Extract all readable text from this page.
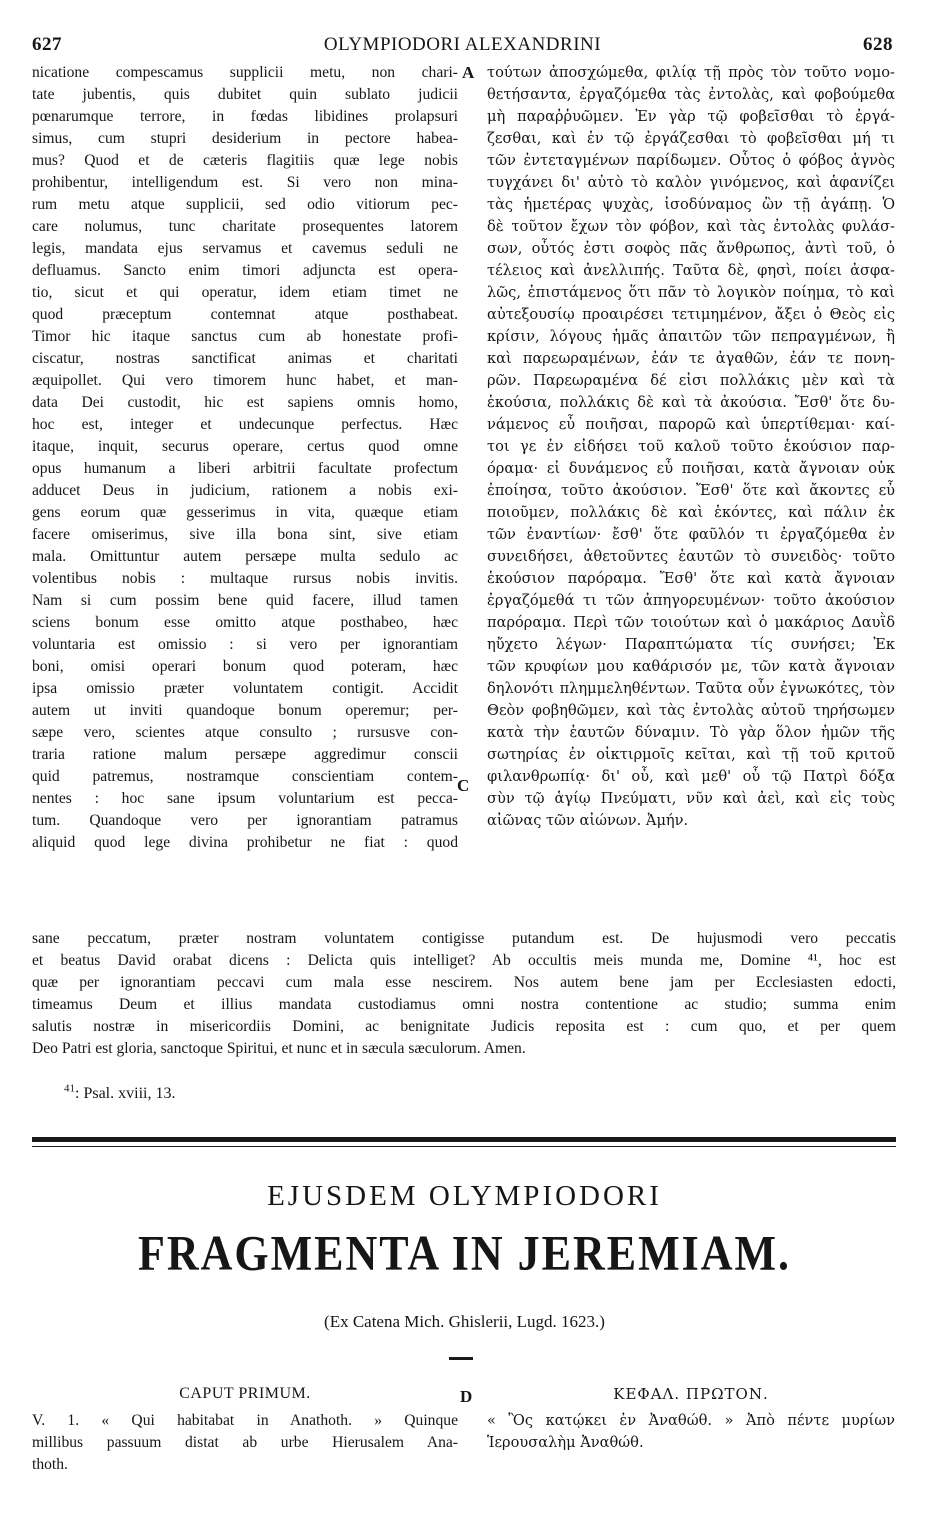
627	OLYMPIODORI ALEXANDRINI	628
nicatione compescamus supplicii metu, non chari-
tate jubentis, quis dubitet quin sublato judicii
pœnarumque terrore, in fœdas libidines prolapsuri
simus, cum stupri desiderium in pectore habea-
mus? Quod et de cæteris flagitiis quæ lege nobis
prohibentur, intelligendum est. Si vero non mina-
rum metu atque supplicii, sed odio vitiorum pec-
care nolumus, tunc charitate prosequentes latorem
legis, mandata ejus servamus et cavemus seduli ne
defluamus. Sancto enim timori adjuncta est opera-
tio, sicut et qui operatur, idem etiam timet ne
quod præceptum contemnat atque posthabeat.
Timor hic itaque sanctus cum ab honestate profi-
ciscatur, nostras sanctificat animas et charitati
æquipollet. Qui vero timorem hunc habet, et man-
data Dei custodit, hic est sapiens omnis homo,
hoc est, integer et undecunque perfectus. Hæc
itaque, inquit, securus operare, certus quod omne
opus humanum a liberi arbitrii facultate profectum
adducet Deus in judicium, rationem a nobis exi-
gens eorum quæ gesserimus in vita, quæque etiam
facere omiserimus, sive illa bona sint, sive etiam
mala. Omittuntur autem persæpe multa sedulo ac
volentibus nobis : multaque rursus nobis invitis.
Nam si cum possim bene quid facere, illud tamen
sciens bonum esse omitto atque posthabeo, hæc
voluntaria est omissio : si vero per ignorantiam
boni, omisi operari bonum quod poteram, hæc
ipsa omissio præter voluntatem contigit. Accidit
autem ut inviti quandoque bonum operemur; per-
sæpe vero, scientes atque consulto ; rursusve con-
traria ratione malum persæpe aggredimur conscii
quid patremus, nostramque conscientiam contem-
nentes : hoc sane ipsum voluntarium est pecca-
tum. Quandoque vero per ignorantiam patramus
aliquid quod lege divina prohibetur ne fiat : quod
τούτων ἀποσχώμεθα, φιλίᾳ τῇ πρὸς τὸν τοῦτο νομο-
θετήσαντα, ἐργαζόμεθα τὰς ἐντολὰς, καὶ φοβούμεθα
μὴ παραῤῥυῶμεν. Ἐν γὰρ τῷ φοβεῖσθαι τὸ ἐργά-
ζεσθαι, καὶ ἐν τῷ ἐργάζεσθαι τὸ φοβεῖσθαι μή τι
τῶν ἐντεταγμένων παρίδωμεν. Οὗτος ὁ φόβος ἁγνὸς
τυγχάνει δι' αὐτὸ τὸ καλὸν γινόμενος, καὶ ἁφανίζει
τὰς ἡμετέρας ψυχὰς, ἰσοδύναμος ὢν τῇ ἀγάπῃ. Ὁ
δὲ τοῦτον ἔχων τὸν φόβον, καὶ τὰς ἐντολὰς φυλάσ-
σων, οὗτός ἐστι σοφὸς πᾶς ἄνθρωπος, ἀντὶ τοῦ, ὁ
τέλειος καὶ ἀνελλιπής. Ταῦτα δὲ, φησὶ, ποίει ἀσφα-
λῶς, ἐπιστάμενος ὅτι πᾶν τὸ λογικὸν ποίημα, τὸ καὶ
αὐτεξουσίῳ προαιρέσει τετιμημένον, ἄξει ὁ Θεὸς εἰς
κρίσιν, λόγους ἡμᾶς ἀπαιτῶν τῶν πεπραγμένων, ἢ
καὶ παρεωραμένων, ἐάν τε ἀγαθῶν, ἐάν τε πονη-
ρῶν. Παρεωραμένα δέ εἰσι πολλάκις μὲν καὶ τὰ
ἑκούσια, πολλάκις δὲ καὶ τὰ ἀκούσια. Ἔσθ' ὅτε δυ-
νάμενος εὖ ποιῆσαι, παρορῶ καὶ ὑπερτίθεμαι· καί-
τοι γε ἐν εἰδήσει τοῦ καλοῦ τοῦτο ἑκούσιον παρ-
όραμα· εἰ δυνάμενος εὖ ποιῆσαι, κατὰ ἄγνοιαν οὐκ
ἐποίησα, τοῦτο ἀκούσιον. Ἔσθ' ὅτε καὶ ἄκοντες εὖ
ποιοῦμεν, πολλάκις δὲ καὶ ἑκόντες, καὶ πάλιν ἐκ
τῶν ἐναντίων· ἔσθ' ὅτε φαῦλόν τι ἐργαζόμεθα ἐν
συνειδήσει, ἀθετοῦντες ἑαυτῶν τὸ συνειδὸς· τοῦτο
ἑκούσιον παρόραμα. Ἔσθ' ὅτε καὶ κατὰ ἄγνοιαν
ἐργαζόμεθά τι τῶν ἀπηγορευμένων· τοῦτο ἀκούσιον
παρόραμα. Περὶ τῶν τοιούτων καὶ ὁ μακάριος Δαυῒδ
ηὔχετο λέγων· Παραπτώματα τίς συνήσει; Ἐκ
τῶν κρυφίων μου καθάρισόν με, τῶν κατὰ ἄγνοιαν
δηλονότι πλημμεληθέντων. Ταῦτα οὖν ἐγνωκότες, τὸν
Θεὸν φοβηθῶμεν, καὶ τὰς ἐντολὰς αὐτοῦ τηρήσωμεν
κατὰ τὴν ἑαυτῶν δύναμιν. Τὸ γὰρ ὅλον ἡμῶν τῆς
σωτηρίας ἐν οἰκτιρμοῖς κεῖται, καὶ τῇ τοῦ κριτοῦ
φιλανθρωπίᾳ· δι' οὗ, καὶ μεθ' οὗ τῷ Πατρὶ δόξα
σὺν τῷ ἁγίῳ Πνεύματι, νῦν καὶ ἀεὶ, καὶ εἰς τοὺς
αἰῶνας τῶν αἰώνων. Ἀμήν.
A
C
sane peccatum, præter nostram voluntatem contigisse putandum est. De hujusmodi vero peccatis
et beatus David orabat dicens : Delicta quis intelliget? Ab occultis meis munda me, Domine ⁴¹, hoc est
quæ per ignorantiam peccavi cum mala esse nescirem. Nos autem bene jam per Ecclesiasten edocti,
timeamus Deum et illius mandata custodiamus omni nostra contentione ac studio; summa enim
salutis nostræ in misericordiis Domini, ac benignitate Judicis reposita est : cum quo, et per quem
Deo Patri est gloria, sanctoque Spiritui, et nunc et in sæcula sæculorum. Amen.
$^{41}$: Psal. xviii, 13.
EJUSDEM OLYMPIODORI
FRAGMENTA IN JEREMIAM.
(Ex Catena Mich. Ghislerii, Lugd. 1623.)
CAPUT PRIMUM.	D	ΚΕΦΑΛ. ΠΡΩΤΟΝ.
V. 1. « Qui habitabat in Anathoth. » Quinque
millibus passuum distat ab urbe Hierusalem Ana-
thoth.
« Ὃς κατῴκει ἐν Ἀναθώθ. » Ἀπὸ πέντε μυρίων
Ἱερουσαλὴμ Ἀναθώθ.
